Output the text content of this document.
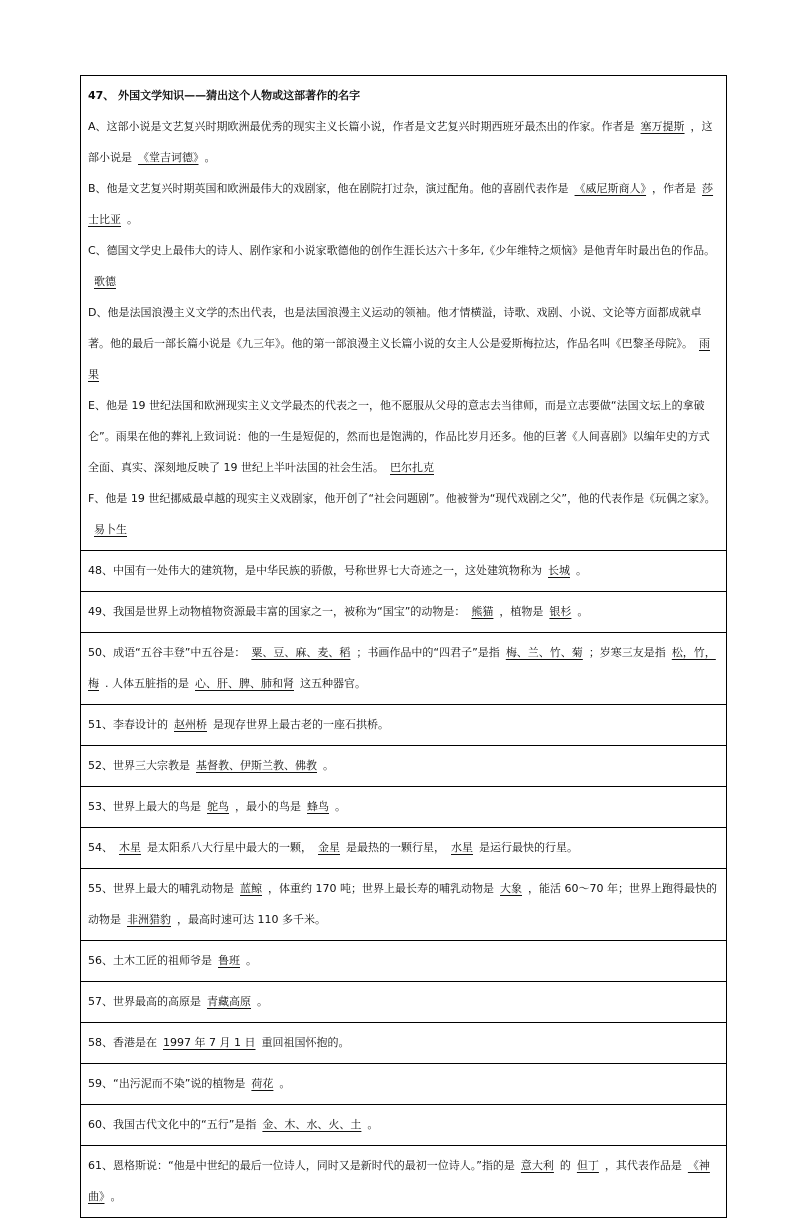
47、 外国文学知识——猜出这个人物或这部著作的名字
A、这部小说是文艺复兴时期欧洲最优秀的现实主义长篇小说，作者是文艺复兴时期西班牙最杰出的作家。作者是 塞万提斯 ，这部小说是 《堂吉诃德》 。
B、他是文艺复兴时期英国和欧洲最伟大的戏剧家，他在剧院打过杂，演过配角。他的喜剧代表作是 《威尼斯商人》 ，作者是 莎士比亚 。
C、德国文学史上最伟大的诗人、剧作家和小说家歌德他的创作生涯长达六十多年,《少年维特之烦恼》是他青年时最出色的作品。歌德
D、他是法国浪漫主义文学的杰出代表，也是法国浪漫主义运动的领袖。他才情横溢，诗歌、戏剧、小说、文论等方面都成就卓著。他的最后一部长篇小说是《九三年》。他的第一部浪漫主义长篇小说的女主人公是爱斯梅拉达，作品名叫《巴黎圣母院》。 雨果
E、他是 19 世纪法国和欧洲现实主义文学最杰的代表之一，他不愿服从父母的意志去当律师，而是立志要做“法国文坛上的拿破仑”。雨果在他的葬礼上致词说：他的一生是短促的，然而也是饱满的，作品比岁月还多。他的巨著《人间喜剧》以编年史的方式全面、真实、深刻地反映了 19 世纪上半叶法国的社会生活。 巴尔扎克
F、他是 19 世纪挪威最卓越的现实主义戏剧家，他开创了“社会问题剧”。他被誉为“现代戏剧之父”，他的代表作是《玩偶之家》。易卜生

48、中国有一处伟大的建筑物，是中华民族的骄傲，号称世界七大奇迹之一，这处建筑物称为 长城 。
49、我国是世界上动物植物资源最丰富的国家之一，被称为“国宝”的动物是： 熊猫 ，植物是 银杉 。
50、成语“五谷丰登”中五谷是： 粟、豆、麻、麦、稻 ；书画作品中的“四君子”是指 梅、兰、竹、菊 ；岁寒三友是指 松，竹，梅 . 人体五脏指的是 心、肝、脾、肺和肾 这五种器官。
51、李春设计的 赵州桥 是现存世界上最古老的一座石拱桥。
52、世界三大宗教是 基督教、伊斯兰教、佛教 。
53、世界上最大的鸟是 鸵鸟 ，最小的鸟是 蜂鸟 。
54、 木星 是太阳系八大行星中最大的一颗， 金星 是最热的一颗行星， 水星 是运行最快的行星。
55、世界上最大的哺乳动物是 蓝鲸 ，体重约 170 吨；世界上最长寿的哺乳动物是 大象 ，能活 60～70 年；世界上跑得最快的动物是 非洲猎豹 ，最高时速可达 110 多千米。
56、土木工匠的祖师爷是 鲁班 。
57、世界最高的高原是 青藏高原 。
58、香港是在 1997 年 7 月 1 日 重回祖国怀抱的。
59、“出污泥而不染”说的植物是 荷花 。
60、我国古代文化中的“五行”是指 金、木、水、火、土 。
61、恩格斯说：“他是中世纪的最后一位诗人，同时又是新时代的最初一位诗人。”指的是 意大利 的 但丁 ，其代表作品是 《神曲》 。
